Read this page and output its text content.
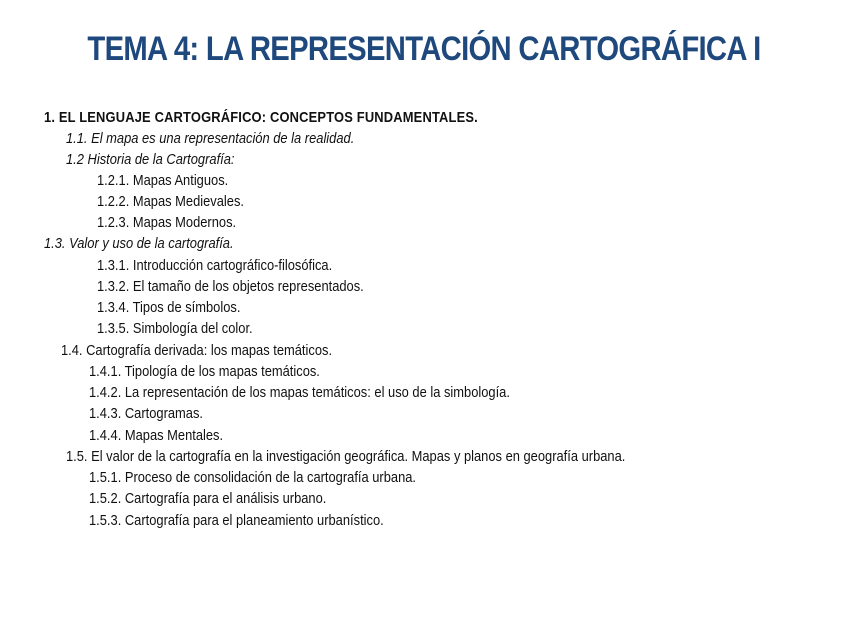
TEMA 4: LA REPRESENTACIÓN CARTOGRÁFICA I
1. EL LENGUAJE CARTOGRÁFICO: CONCEPTOS FUNDAMENTALES.
1.1. El mapa es una representación de la realidad.
1.2 Historia de la Cartografía:
1.2.1. Mapas Antiguos.
1.2.2. Mapas Medievales.
1.2.3. Mapas Modernos.
1.3. Valor y uso de la cartografía.
1.3.1. Introducción cartográfico-filosófica.
1.3.2. El tamaño de los objetos representados.
1.3.4. Tipos de símbolos.
1.3.5. Simbología del color.
1.4. Cartografía derivada: los mapas temáticos.
1.4.1. Tipología de los mapas temáticos.
1.4.2. La representación de los mapas temáticos: el uso de la simbología.
1.4.3. Cartogramas.
1.4.4. Mapas Mentales.
1.5. El valor de la cartografía en la investigación geográfica. Mapas y planos en geografía urbana.
1.5.1. Proceso de consolidación de la cartografía urbana.
1.5.2. Cartografía para el análisis urbano.
1.5.3. Cartografía para el planeamiento urbanístico.
